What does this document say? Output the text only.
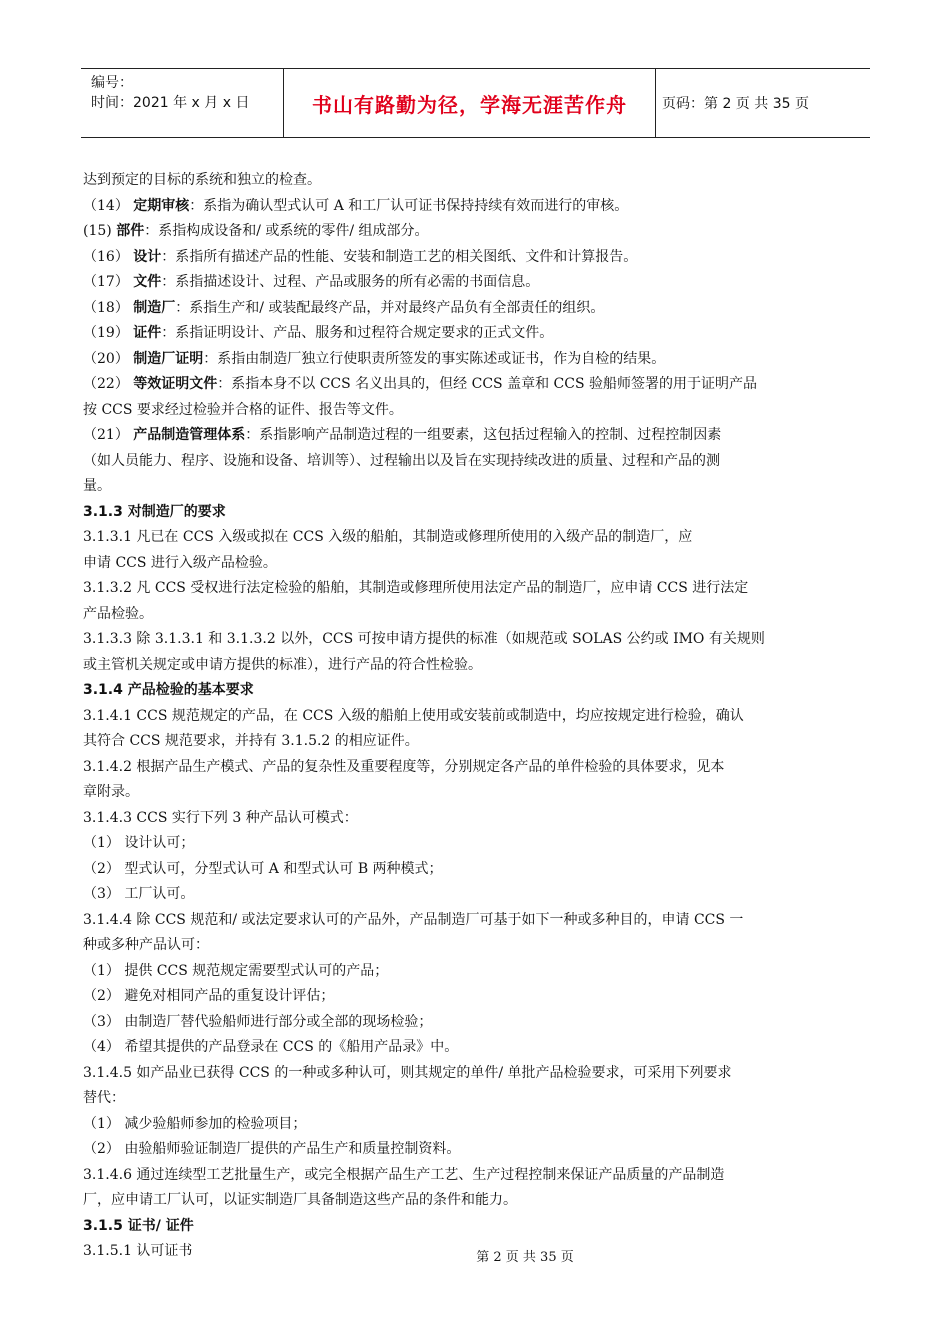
编号：
时间：2021 年 x 月 x 日	书山有路勤为径，学海无涯苦作舟	页码：第 2 页 共 35 页
达到预定的目标的系统和独立的检查。
（14） 定期审核：系指为确认型式认可 A 和工厂认可证书保持持续有效而进行的审核。
(15) 部件：系指构成设备和/ 或系统的零件/ 组成部分。
（16） 设计：系指所有描述产品的性能、安装和制造工艺的相关图纸、文件和计算报告。
（17） 文件：系指描述设计、过程、产品或服务的所有必需的书面信息。
（18） 制造厂：系指生产和/ 或装配最终产品，并对最终产品负有全部责任的组织。
（19） 证件：系指证明设计、产品、服务和过程符合规定要求的正式文件。
（20） 制造厂证明：系指由制造厂独立行使职责所签发的事实陈述或证书，作为自检的结果。
（22） 等效证明文件：系指本身不以 CCS 名义出具的，但经 CCS 盖章和 CCS 验船师签署的用于证明产品
按 CCS 要求经过检验并合格的证件、报告等文件。
（21） 产品制造管理体系：系指影响产品制造过程的一组要素，这包括过程输入的控制、过程控制因素
（如人员能力、程序、设施和设备、培训等）、过程输出以及旨在实现持续改进的质量、过程和产品的测
量。
3.1.3 对制造厂的要求
3.1.3.1 凡已在 CCS 入级或拟在 CCS 入级的船舶，其制造或修理所使用的入级产品的制造厂，应
申请 CCS 进行入级产品检验。
3.1.3.2 凡 CCS 受权进行法定检验的船舶，其制造或修理所使用法定产品的制造厂，应申请 CCS 进行法定
产品检验。
3.1.3.3 除 3.1.3.1 和 3.1.3.2 以外，CCS 可按申请方提供的标准（如规范或 SOLAS 公约或 IMO 有关规则
或主管机关规定或申请方提供的标准），进行产品的符合性检验。
3.1.4 产品检验的基本要求
3.1.4.1 CCS 规范规定的产品，在 CCS 入级的船舶上使用或安装前或制造中，均应按规定进行检验，确认
其符合 CCS 规范要求，并持有 3.1.5.2 的相应证件。
3.1.4.2 根据产品生产模式、产品的复杂性及重要程度等，分别规定各产品的单件检验的具体要求，见本
章附录。
3.1.4.3 CCS 实行下列 3 种产品认可模式：
（1） 设计认可；
（2） 型式认可，分型式认可 A 和型式认可 B 两种模式；
（3） 工厂认可。
3.1.4.4 除 CCS 规范和/ 或法定要求认可的产品外，产品制造厂可基于如下一种或多种目的，申请 CCS 一
种或多种产品认可：
（1） 提供 CCS 规范规定需要型式认可的产品；
（2） 避免对相同产品的重复设计评估；
（3） 由制造厂替代验船师进行部分或全部的现场检验；
（4） 希望其提供的产品登录在 CCS 的《船用产品录》中。
3.1.4.5 如产品业已获得 CCS 的一种或多种认可，则其规定的单件/ 单批产品检验要求，可采用下列要求
替代：
（1） 减少验船师参加的检验项目；
（2） 由验船师验证制造厂提供的产品生产和质量控制资料。
3.1.4.6 通过连续型工艺批量生产，或完全根据产品生产工艺、生产过程控制来保证产品质量的产品制造
厂，应申请工厂认可，以证实制造厂具备制造这些产品的条件和能力。
3.1.5 证书/ 证件
3.1.5.1 认可证书	第 2 页 共 35 页
